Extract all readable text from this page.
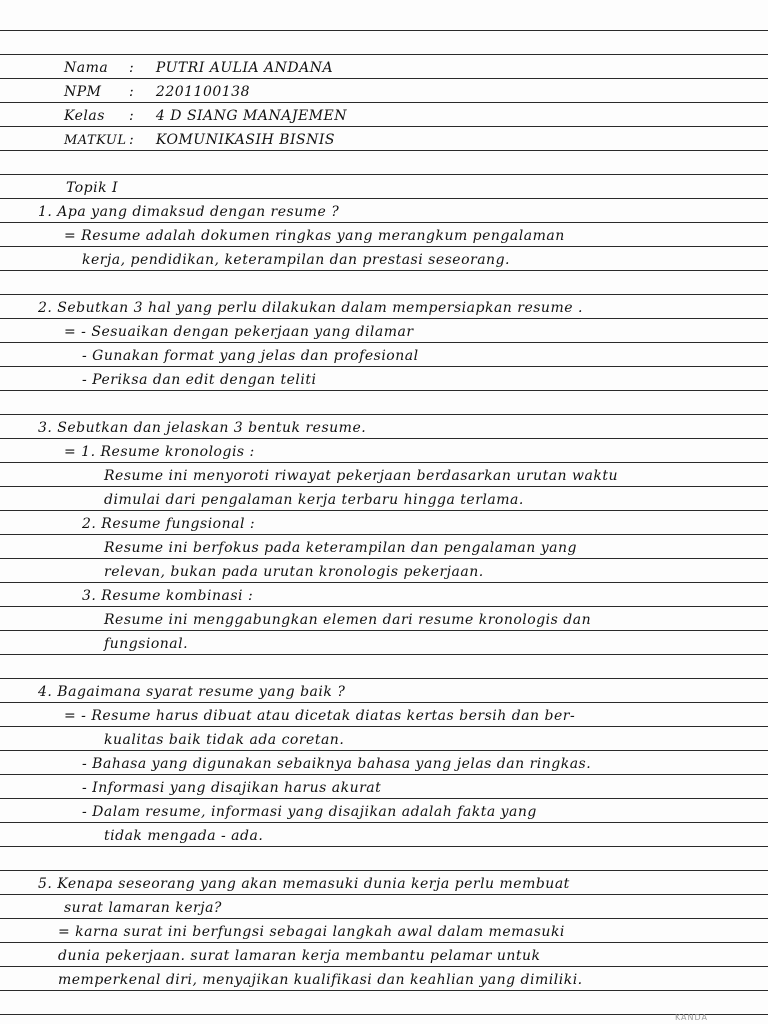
Nama : PUTRI AULIA ANDANA
NPM : 2201100138
Kelas : 4 D SIANG MANAJEMEN
MATKUL : KOMUNIKASIH BISNIS
Topik I
1. Apa yang dimaksud dengan resume ?
= Resume adalah dokumen ringkas yang merangkum pengalaman
kerja, pendidikan, keterampilan dan prestasi seseorang.
2. Sebutkan 3 hal yang perlu dilakukan dalam mempersiapkan resume .
= - Sesuaikan dengan pekerjaan yang dilamar
- Gunakan format yang jelas dan profesional
- Periksa dan edit dengan teliti
3. Sebutkan dan jelaskan 3 bentuk resume.
= 1. Resume kronologis :
Resume ini menyoroti riwayat pekerjaan berdasarkan urutan waktu
dimulai dari pengalaman kerja terbaru hingga terlama.
2. Resume fungsional :
Resume ini berfokus pada keterampilan dan pengalaman yang
relevan, bukan pada urutan kronologis pekerjaan.
3. Resume kombinasi :
Resume ini menggabungkan elemen dari resume kronologis dan
fungsional.
4. Bagaimana syarat resume yang baik ?
= - Resume harus dibuat atau dicetak diatas kertas bersih dan ber-
kualitas baik tidak ada coretan.
- Bahasa yang digunakan sebaiknya bahasa yang jelas dan ringkas.
- Informasi yang disajikan harus akurat
- Dalam resume, informasi yang disajikan adalah fakta yang
tidak mengada - ada.
5. Kenapa seseorang yang akan memasuki dunia kerja perlu membuat
surat lamaran kerja?
= karna surat ini berfungsi sebagai langkah awal dalam memasuki
dunia pekerjaan. surat lamaran kerja membantu pelamar untuk
memperkenal diri, menyajikan kualifikasi dan keahlian yang dimiliki.
KANDA
